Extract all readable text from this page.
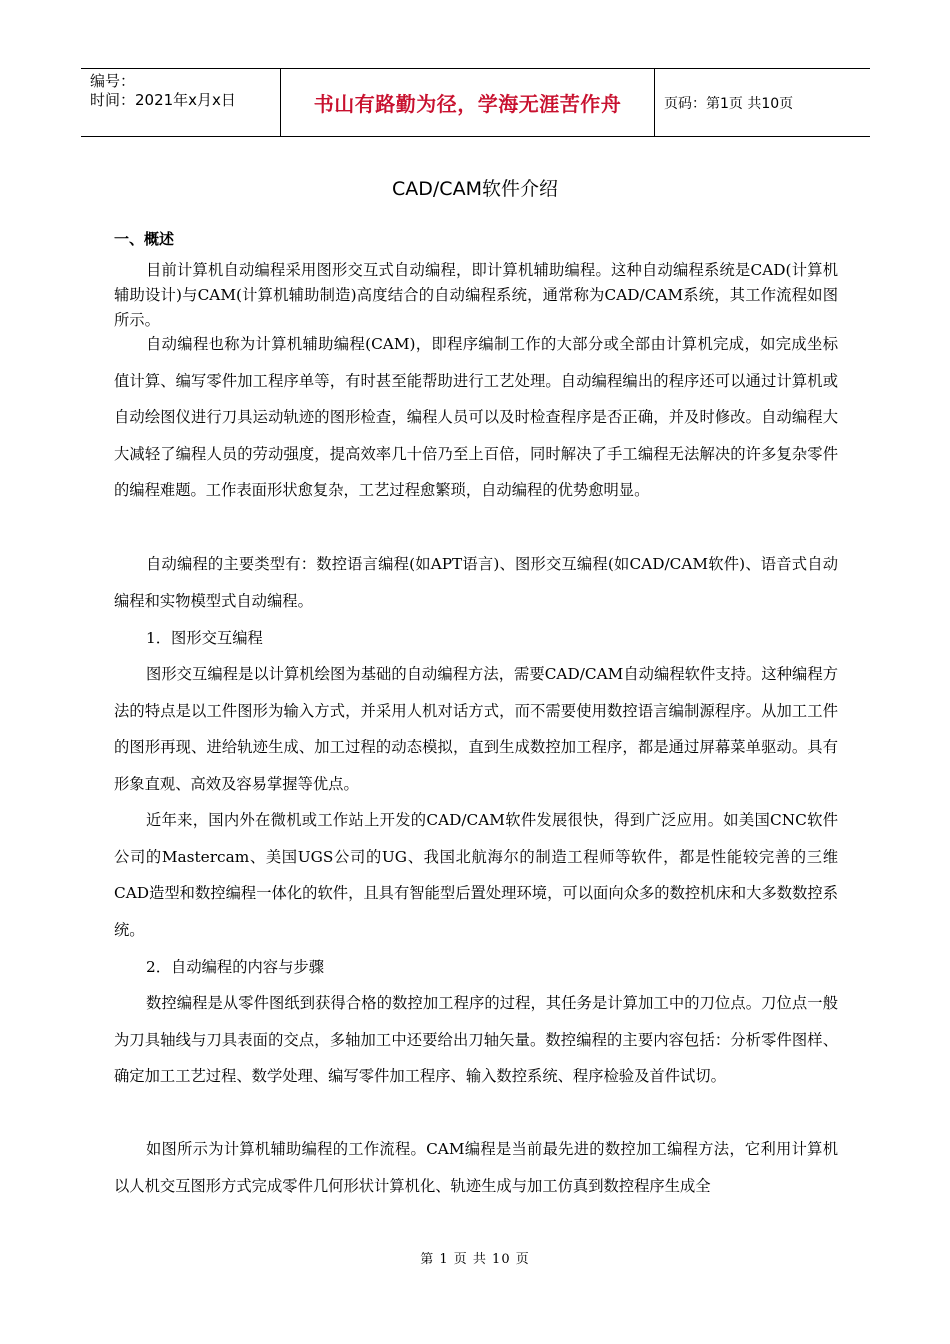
编号：
时间：2021年x月x日	书山有路勤为径，学海无涯苦作舟	页码：第1页 共10页
CAD/CAM软件介绍
一、概述

目前计算机自动编程采用图形交互式自动编程，即计算机辅助编程。这种自动编程系统是CAD(计算机辅助设计)与CAM(计算机辅助制造)高度结合的自动编程系统，通常称为CAD/CAM系统，其工作流程如图所示。

自动编程也称为计算机辅助编程(CAM)，即程序编制工作的大部分或全部由计算机完成，如完成坐标值计算、编写零件加工程序单等，有时甚至能帮助进行工艺处理。自动编程编出的程序还可以通过计算机或自动绘图仪进行刀具运动轨迹的图形检查，编程人员可以及时检查程序是否正确，并及时修改。自动编程大大减轻了编程人员的劳动强度，提高效率几十倍乃至上百倍，同时解决了手工编程无法解决的许多复杂零件的编程难题。工作表面形状愈复杂，工艺过程愈繁琐，自动编程的优势愈明显。

自动编程的主要类型有：数控语言编程(如APT语言)、图形交互编程(如CAD/CAM软件)、语音式自动编程和实物模型式自动编程。

1．图形交互编程

图形交互编程是以计算机绘图为基础的自动编程方法，需要CAD/CAM自动编程软件支持。这种编程方法的特点是以工件图形为输入方式，并采用人机对话方式，而不需要使用数控语言编制源程序。从加工工件的图形再现、进给轨迹生成、加工过程的动态模拟，直到生成数控加工程序，都是通过屏幕菜单驱动。具有形象直观、高效及容易掌握等优点。

近年来，国内外在微机或工作站上开发的CAD/CAM软件发展很快，得到广泛应用。如美国CNC软件公司的Mastercam、美国UGS公司的UG、我国北航海尔的制造工程师等软件，都是性能较完善的三维CAD造型和数控编程一体化的软件，且具有智能型后置处理环境，可以面向众多的数控机床和大多数数控系统。

2．自动编程的内容与步骤

数控编程是从零件图纸到获得合格的数控加工程序的过程，其任务是计算加工中的刀位点。刀位点一般为刀具轴线与刀具表面的交点，多轴加工中还要给出刀轴矢量。数控编程的主要内容包括：分析零件图样、确定加工工艺过程、数学处理、编写零件加工程序、输入数控系统、程序检验及首件试切。

如图所示为计算机辅助编程的工作流程。CAM编程是当前最先进的数控加工编程方法，它利用计算机以人机交互图形方式完成零件几何形状计算机化、轨迹生成与加工仿真到数控程序生成全

第 1 页 共 10 页
